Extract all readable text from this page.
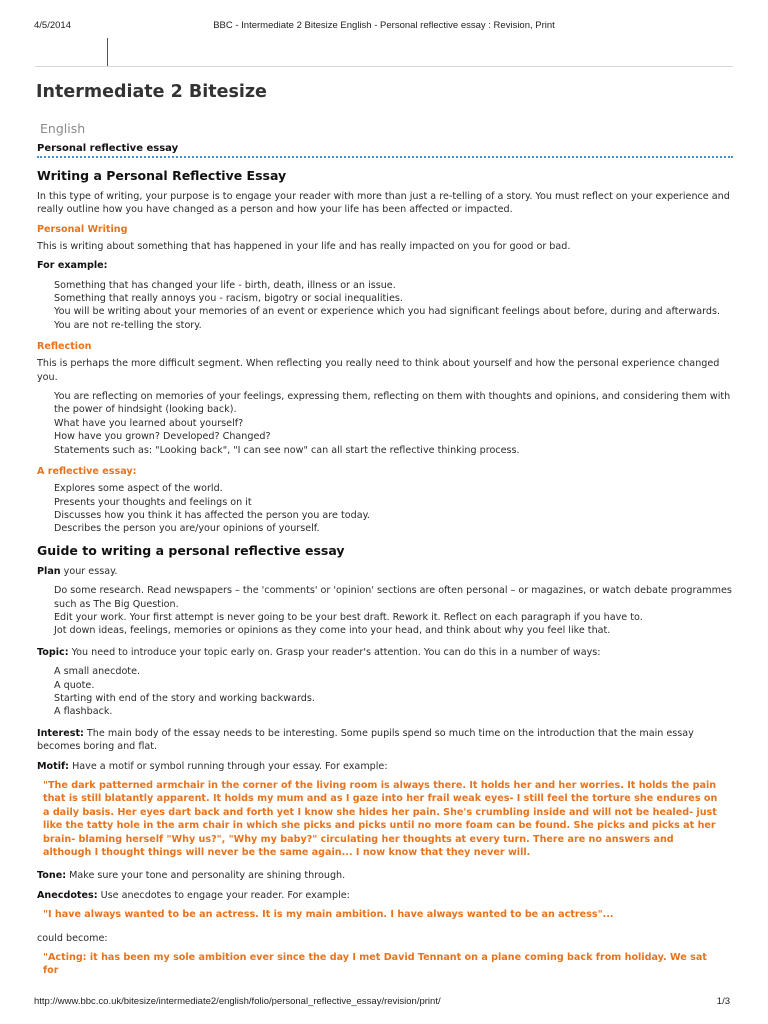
4/5/2014	BBC - Intermediate 2 Bitesize English - Personal reflective essay : Revision, Print
Intermediate 2 Bitesize
English
Personal reflective essay
Writing a Personal Reflective Essay

In this type of writing, your purpose is to engage your reader with more than just a re-telling of a story. You must reflect on your experience and really outline how you have changed as a person and how your life has been affected or impacted.

Personal Writing

This is writing about something that has happened in your life and has really impacted on you for good or bad.

For example:

Something that has changed your life - birth, death, illness or an issue.
Something that really annoys you - racism, bigotry or social inequalities.
You will be writing about your memories of an event or experience which you had significant feelings about before, during and afterwards.
You are not re-telling the story.
Reflection

This is perhaps the more difficult segment. When reflecting you really need to think about yourself and how the personal experience changed you.

You are reflecting on memories of your feelings, expressing them, reflecting on them with thoughts and opinions, and considering them with the power of hindsight (looking back).
What have you learned about yourself?
How have you grown? Developed? Changed?
Statements such as: "Looking back", "I can see now" can all start the reflective thinking process.
A reflective essay:
Explores some aspect of the world.
Presents your thoughts and feelings on it
Discusses how you think it has affected the person you are today.
Describes the person you are/your opinions of yourself.
Guide to writing a personal reflective essay

Plan your essay.

Do some research. Read newspapers – the 'comments' or 'opinion' sections are often personal – or magazines, or watch debate programmes such as The Big Question.
Edit your work. Your first attempt is never going to be your best draft. Rework it. Reflect on each paragraph if you have to.
Jot down ideas, feelings, memories or opinions as they come into your head, and think about why you feel like that.

Topic: You need to introduce your topic early on. Grasp your reader's attention. You can do this in a number of ways:

A small anecdote.
A quote.
Starting with end of the story and working backwards.
A flashback.

Interest: The main body of the essay needs to be interesting. Some pupils spend so much time on the introduction that the main essay becomes boring and flat.

Motif: Have a motif or symbol running through your essay. For example:

"The dark patterned armchair in the corner of the living room is always there. It holds her and her worries. It holds the pain that is still blatantly apparent. It holds my mum and as I gaze into her frail weak eyes- I still feel the torture she endures on a daily basis. Her eyes dart back and forth yet I know she hides her pain. She's crumbling inside and will not be healed- just like the tatty hole in the arm chair in which she picks and picks until no more foam can be found. She picks and picks at her brain- blaming herself "Why us?", "Why my baby?" circulating her thoughts at every turn. There are no answers and although I thought things will never be the same again... I now know that they never will.

Tone: Make sure your tone and personality are shining through.

Anecdotes: Use anecdotes to engage your reader. For example:

"I have always wanted to be an actress. It is my main ambition. I have always wanted to be an actress"...

could become:

"Acting: it has been my sole ambition ever since the day I met David Tennant on a plane coming back from holiday. We sat for
http://www.bbc.co.uk/bitesize/intermediate2/english/folio/personal_reflective_essay/revision/print/	1/3
